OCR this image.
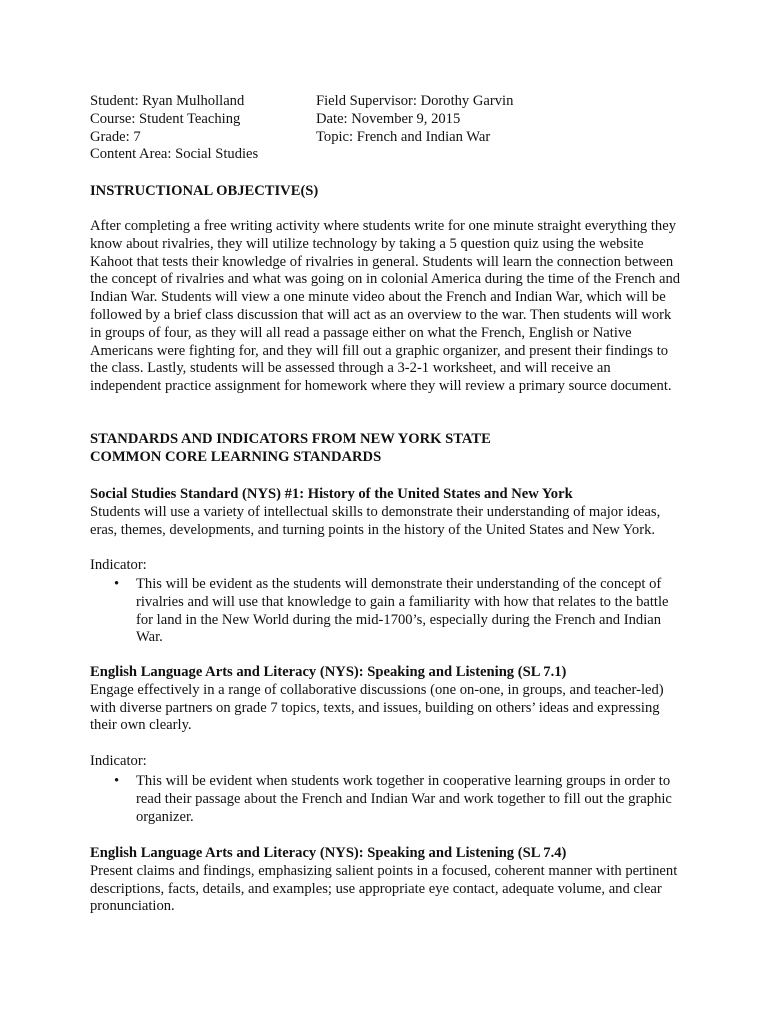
Student: Ryan Mulholland
Course: Student Teaching
Grade: 7
Content Area: Social Studies
Field Supervisor: Dorothy Garvin
Date: November 9, 2015
Topic: French and Indian War
INSTRUCTIONAL OBJECTIVE(S)
After completing a free writing activity where students write for one minute straight everything they
know about rivalries, they will utilize technology by taking a 5 question quiz using the website
Kahoot that tests their knowledge of rivalries in general. Students will learn the connection between
the concept of rivalries and what was going on in colonial America during the time of the French and
Indian War. Students will view a one minute video about the French and Indian War, which will be
followed by a brief class discussion that will act as an overview to the war. Then students will work
in groups of four, as they will all read a passage either on what the French, English or Native
Americans were fighting for, and they will fill out a graphic organizer, and present their findings to
the class. Lastly, students will be assessed through a 3-2-1 worksheet, and will receive an
independent practice assignment for homework where they will review a primary source document.
STANDARDS AND INDICATORS FROM NEW YORK STATE
COMMON CORE LEARNING STANDARDS
Social Studies Standard (NYS) #1: History of the United States and New York
Students will use a variety of intellectual skills to demonstrate their understanding of major ideas,
eras, themes, developments, and turning points in the history of the United States and New York.
Indicator:
• This will be evident as the students will demonstrate their understanding of the concept of
rivalries and will use that knowledge to gain a familiarity with how that relates to the battle
for land in the New World during the mid-1700’s, especially during the French and Indian
War.
English Language Arts and Literacy (NYS): Speaking and Listening (SL 7.1)
Engage effectively in a range of collaborative discussions (one on-one, in groups, and teacher-led)
with diverse partners on grade 7 topics, texts, and issues, building on others’ ideas and expressing
their own clearly.
Indicator:
• This will be evident when students work together in cooperative learning groups in order to
read their passage about the French and Indian War and work together to fill out the graphic
organizer.
English Language Arts and Literacy (NYS): Speaking and Listening (SL 7.4)
Present claims and findings, emphasizing salient points in a focused, coherent manner with pertinent
descriptions, facts, details, and examples; use appropriate eye contact, adequate volume, and clear
pronunciation.
